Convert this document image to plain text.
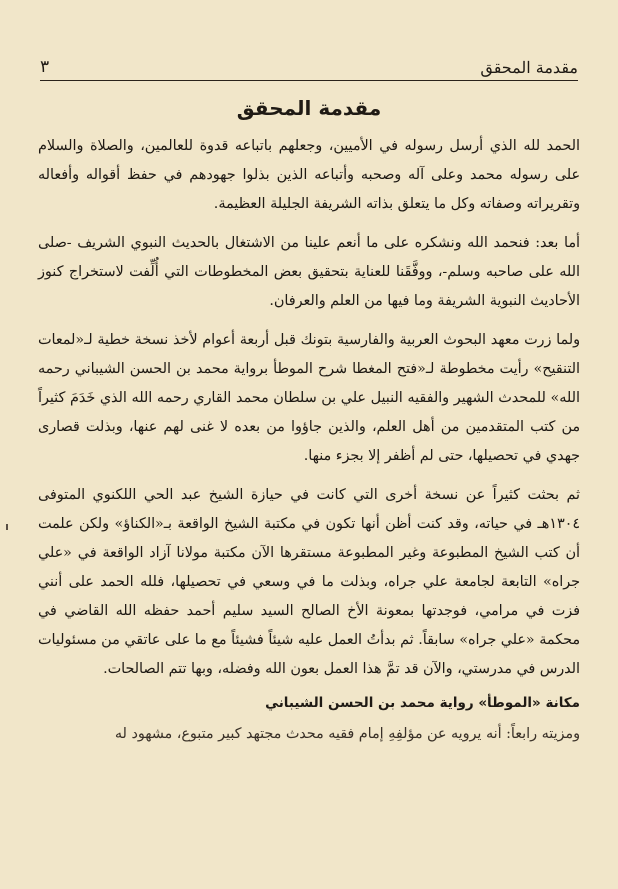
مقدمة المحقق
٣
مقدمة المحقق

الحمد لله الذي أرسل رسوله في الأميين، وجعلهم باتباعه قدوة للعالمين، والصلاة والسلام على رسوله محمد وعلى آله وصحبه وأتباعه الذين بذلوا جهودهم في حفظ أقواله وأفعاله وتقريراته وصفاته وكل ما يتعلق بذاته الشريفة الجليلة العظيمة.

أما بعد: فنحمد الله ونشكره على ما أنعم علينا من الاشتغال بالحديث النبوي الشريف -صلى الله على صاحبه وسلم-، ووفَّقَنا للعناية بتحقيق بعض المخطوطات التي أُلِّفت لاستخراج كنوز الأحاديث النبوية الشريفة وما فيها من العلم والعرفان.

ولما زرت معهد البحوث العربية والفارسية بتونك قبل أربعة أعوام لأخذ نسخة خطية لـ«لمعات التنقيح» رأيت مخطوطة لـ«فتح المغطا شرح الموطأ برواية محمد بن الحسن الشيباني رحمه الله» للمحدث الشهير والفقيه النبيل علي بن سلطان محمد القاري رحمه الله الذي خَدَمَ كثيراً من كتب المتقدمين من أهل العلم، والذين جاؤوا من بعده لا غنى لهم عنها، وبذلت قصارى جهدي في تحصيلها، حتى لم أظفر إلا بجزء منها.

ثم بحثت كثيراً عن نسخة أخرى التي كانت في حيازة الشيخ عبد الحي اللكنوي المتوفى ١٣٠٤هـ في حياته، وقد كنت أظن أنها تكون في مكتبة الشيخ الواقعة بـ«الكناؤ» ولكن علمت أن كتب الشيخ المطبوعة وغير المطبوعة مستقرها الآن مكتبة مولانا آزاد الواقعة في «علي جراه» التابعة لجامعة علي جراه، وبذلت ما في وسعي في تحصيلها، فلله الحمد على أنني فزت في مرامي، فوجدتها بمعونة الأخ الصالح السيد سليم أحمد حفظه الله القاضي في محكمة «علي جراه» سابقاً. ثم بدأتُ العمل عليه شيئاً فشيئاً مع ما على عاتقي من مسئوليات الدرس في مدرستي، والآن قد تمَّ هذا العمل بعون الله وفضله، وبها تتم الصالحات.

مكانة «الموطأ» رواية محمد بن الحسن الشيباني

ومزيته رابعاً: أنه يرويه عن مؤلفِهِ إمام فقيه محدث مجتهد كبير متبوع، مشهود له
